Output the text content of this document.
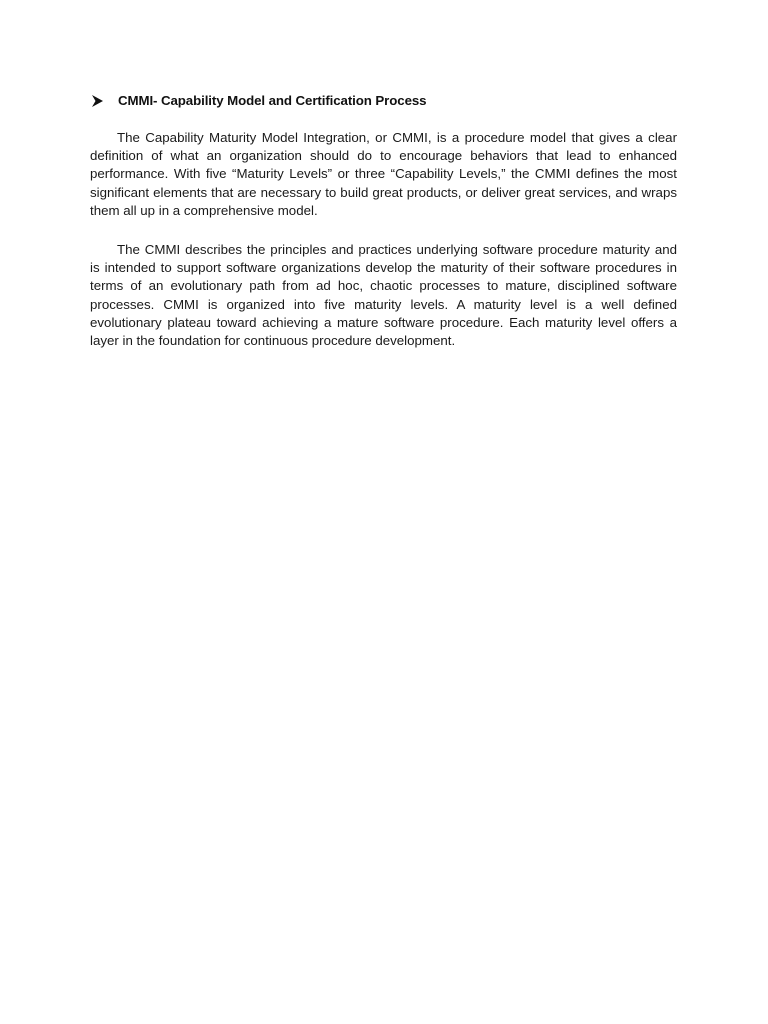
CMMI- Capability Model and Certification Process

The Capability Maturity Model Integration, or CMMI, is a procedure model that gives a clear definition of what an organization should do to encourage behaviors that lead to enhanced performance. With five “Maturity Levels” or three “Capability Levels,” the CMMI defines the most significant elements that are necessary to build great products, or deliver great services, and wraps them all up in a comprehensive model.

The CMMI describes the principles and practices underlying software procedure maturity and is intended to support software organizations develop the maturity of their software procedures in terms of an evolutionary path from ad hoc, chaotic processes to mature, disciplined software processes. CMMI is organized into five maturity levels. A maturity level is a well defined evolutionary plateau toward achieving a mature software procedure. Each maturity level offers a layer in the foundation for continuous procedure development.
